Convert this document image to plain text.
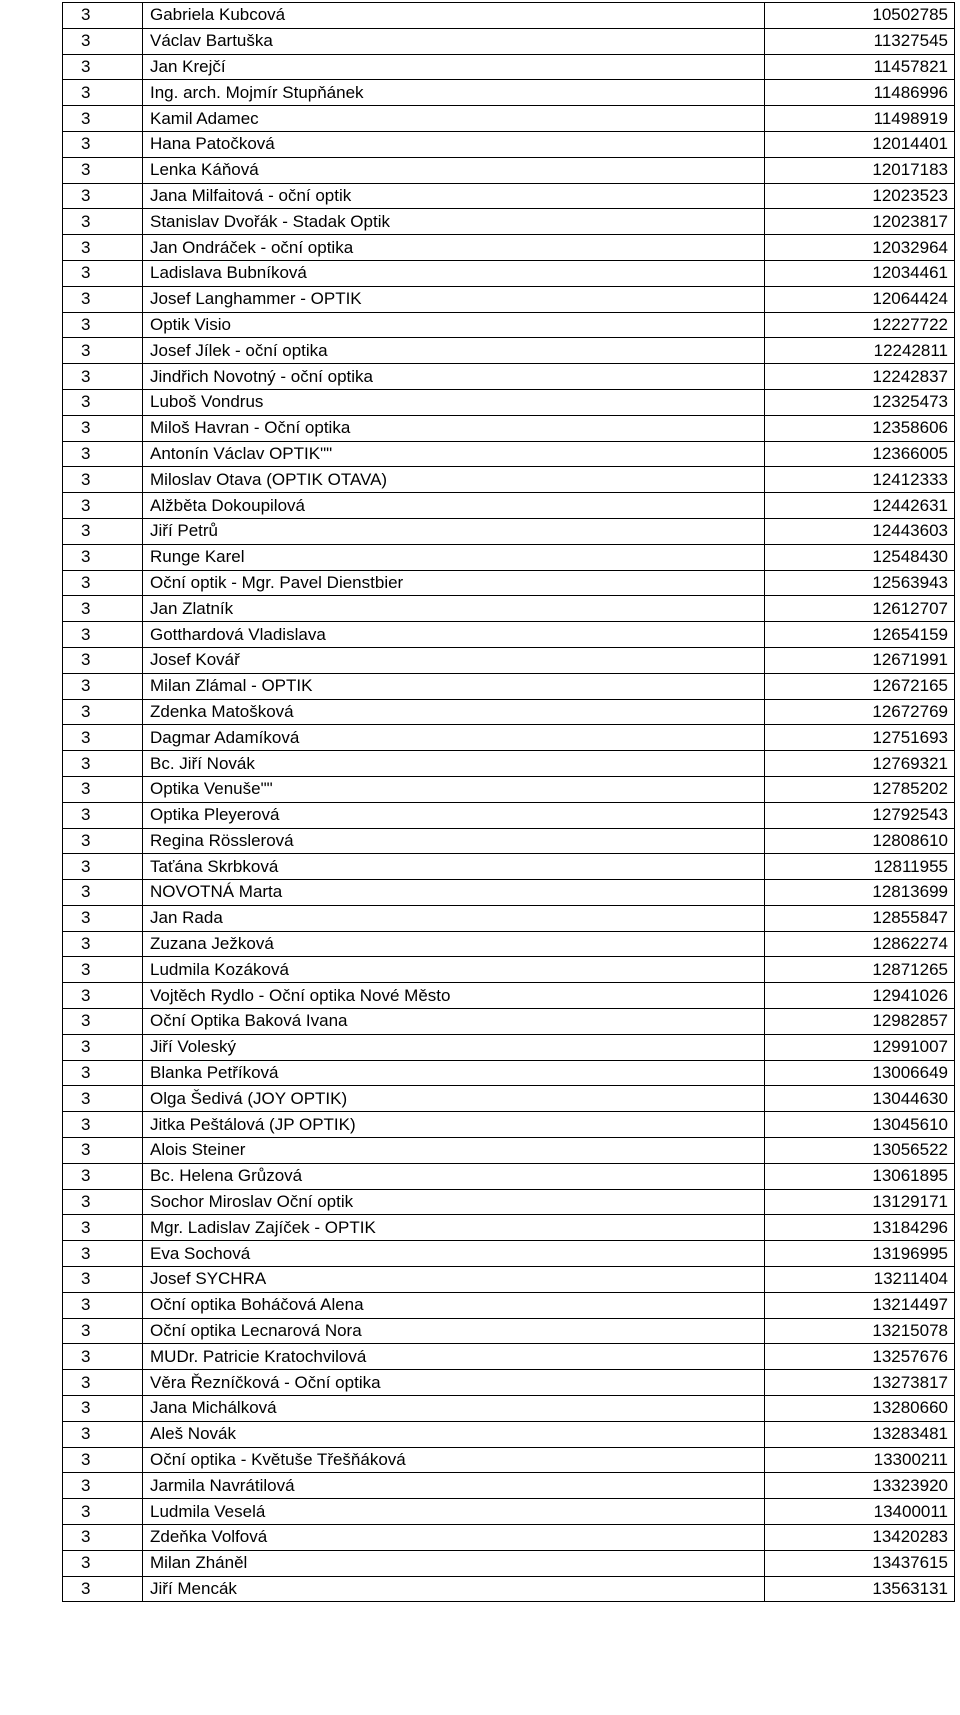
3	Gabriela Kubcová	10502785
3	Václav Bartuška	11327545
3	Jan Krejčí	11457821
3	Ing. arch. Mojmír Stupňánek	11486996
3	Kamil Adamec	11498919
3	Hana Patočková	12014401
3	Lenka Káňová	12017183
3	Jana Milfaitová - oční optik	12023523
3	Stanislav Dvořák - Stadak Optik	12023817
3	Jan Ondráček - oční optika	12032964
3	Ladislava Bubníková	12034461
3	Josef Langhammer - OPTIK	12064424
3	Optik Visio	12227722
3	Josef Jílek - oční optika	12242811
3	Jindřich Novotný - oční optika	12242837
3	Luboš Vondrus	12325473
3	Miloš Havran - Oční optika	12358606
3	Antonín Václav OPTIK""	12366005
3	Miloslav Otava (OPTIK OTAVA)	12412333
3	Alžběta Dokoupilová	12442631
3	Jiří Petrů	12443603
3	Runge Karel	12548430
3	Oční optik - Mgr. Pavel Dienstbier	12563943
3	Jan Zlatník	12612707
3	Gotthardová Vladislava	12654159
3	Josef Kovář	12671991
3	Milan Zlámal - OPTIK	12672165
3	Zdenka Matošková	12672769
3	Dagmar Adamíková	12751693
3	Bc. Jiří Novák	12769321
3	Optika Venuše""	12785202
3	Optika Pleyerová	12792543
3	Regina Rösslerová	12808610
3	Taťána Skrbková	12811955
3	NOVOTNÁ Marta	12813699
3	Jan Rada	12855847
3	Zuzana Ježková	12862274
3	Ludmila Kozáková	12871265
3	Vojtěch Rydlo - Oční optika Nové Město	12941026
3	Oční Optika Baková Ivana	12982857
3	Jiří Voleský	12991007
3	Blanka Petříková	13006649
3	Olga Šedivá (JOY OPTIK)	13044630
3	Jitka Peštálová (JP OPTIK)	13045610
3	Alois Steiner	13056522
3	Bc. Helena Grůzová	13061895
3	Sochor Miroslav Oční optik	13129171
3	Mgr. Ladislav Zajíček - OPTIK	13184296
3	Eva Sochová	13196995
3	Josef SYCHRA	13211404
3	Oční optika Boháčová Alena	13214497
3	Oční optika Lecnarová Nora	13215078
3	MUDr. Patricie Kratochvilová	13257676
3	Věra Řezníčková - Oční optika	13273817
3	Jana Michálková	13280660
3	Aleš Novák	13283481
3	Oční optika - Květuše Třešňáková	13300211
3	Jarmila Navrátilová	13323920
3	Ludmila Veselá	13400011
3	Zdeňka Volfová	13420283
3	Milan Zháněl	13437615
3	Jiří Mencák	13563131
